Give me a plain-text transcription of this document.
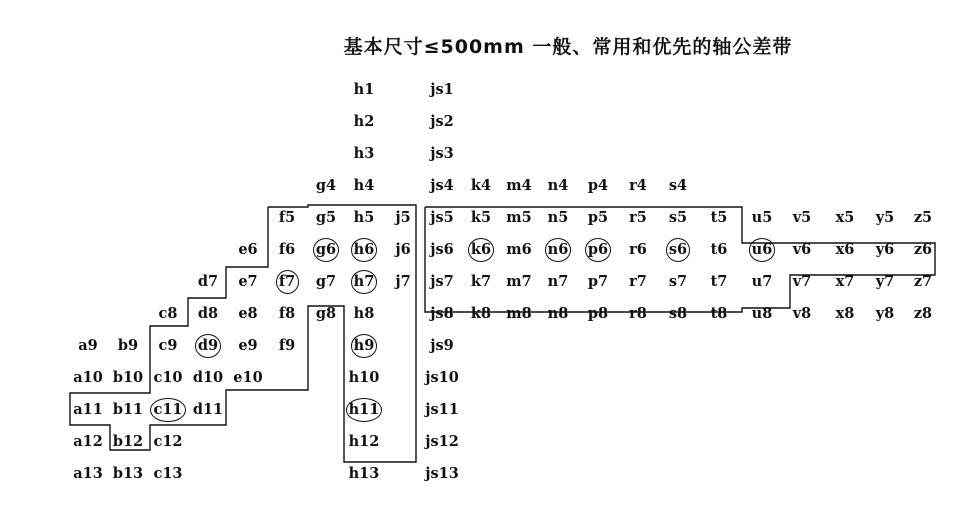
基本尺寸≤500mm 一般、常用和优先的轴公差带
a9
a10
a11
a12
a13
b9
b10
b11
b12
b13
c8
c9
c10
c11
c12
c13
d7
d8
d9
d10
d11
e6
e7
e8
e9
e10
f5
f6
f7
f8
f9
g4
g5
g6
g7
g8
h1
h2
h3
h4
h5
h6
h7
h8
h9
h10
h11
h12
h13
j5
j6
j7
js1
js2
js3
js4
js5
js6
js7
js8
js9
js10
js11
js12
js13
k4
k5
k6
k7
k8
m4
m5
m6
m7
m8
n4
n5
n6
n7
n8
p4
p5
p6
p7
p8
r4
r5
r6
r7
r8
s4
s5
s6
s7
s8
t5
t6
t7
t8
u5
u6
u7
u8
v5
v6
v7
v8
x5
x6
x7
x8
y5
y6
y7
y8
z5
z6
z7
z8
